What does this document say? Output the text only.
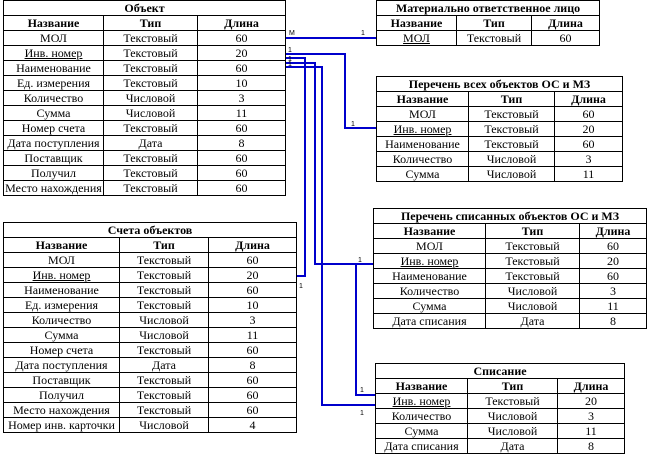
М	1
1
1
1
1
1
1
1
1
Объект		
Название	Тип	Длина
МОЛ	Текстовый	60
Инв. номер	Текстовый	20
Наименование	Текстовый	60
Ед. измерения	Текстовый	10
Количество	Числовой	3
Сумма	Числовой	11
Номер счета	Текстовый	60
Дата поступления	Дата	8
Поставщик	Текстовый	60
Получил	Текстовый	60
Место нахождения	Текстовый	60
Материально ответственное лицо		
Название	Тип	Длина
МОЛ	Текстовый	60
Перечень всех объектов ОС и МЗ		
Название	Тип	Длина
МОЛ	Текстовый	60
Инв. номер	Текстовый	20
Наименование	Текстовый	60
Количество	Числовой	3
Сумма	Числовой	11
Перечень списанных объектов ОС и МЗ		
Название	Тип	Длина
МОЛ	Текстовый	60
Инв. номер	Текстовый	20
Наименование	Текстовый	60
Количество	Числовой	3
Сумма	Числовой	11
Дата списания	Дата	8
Счета объектов		
Название	Тип	Длина
МОЛ	Текстовый	60
Инв. номер	Текстовый	20
Наименование	Текстовый	60
Ед. измерения	Текстовый	10
Количество	Числовой	3
Сумма	Числовой	11
Номер счета	Текстовый	60
Дата поступления	Дата	8
Поставщик	Текстовый	60
Получил	Текстовый	60
Место нахождения	Текстовый	60
Номер инв. карточки	Числовой	4
Списание		
Название	Тип	Длина
Инв. номер	Текстовый	20
Количество	Числовой	3
Сумма	Числовой	11
Дата списания	Дата	8
